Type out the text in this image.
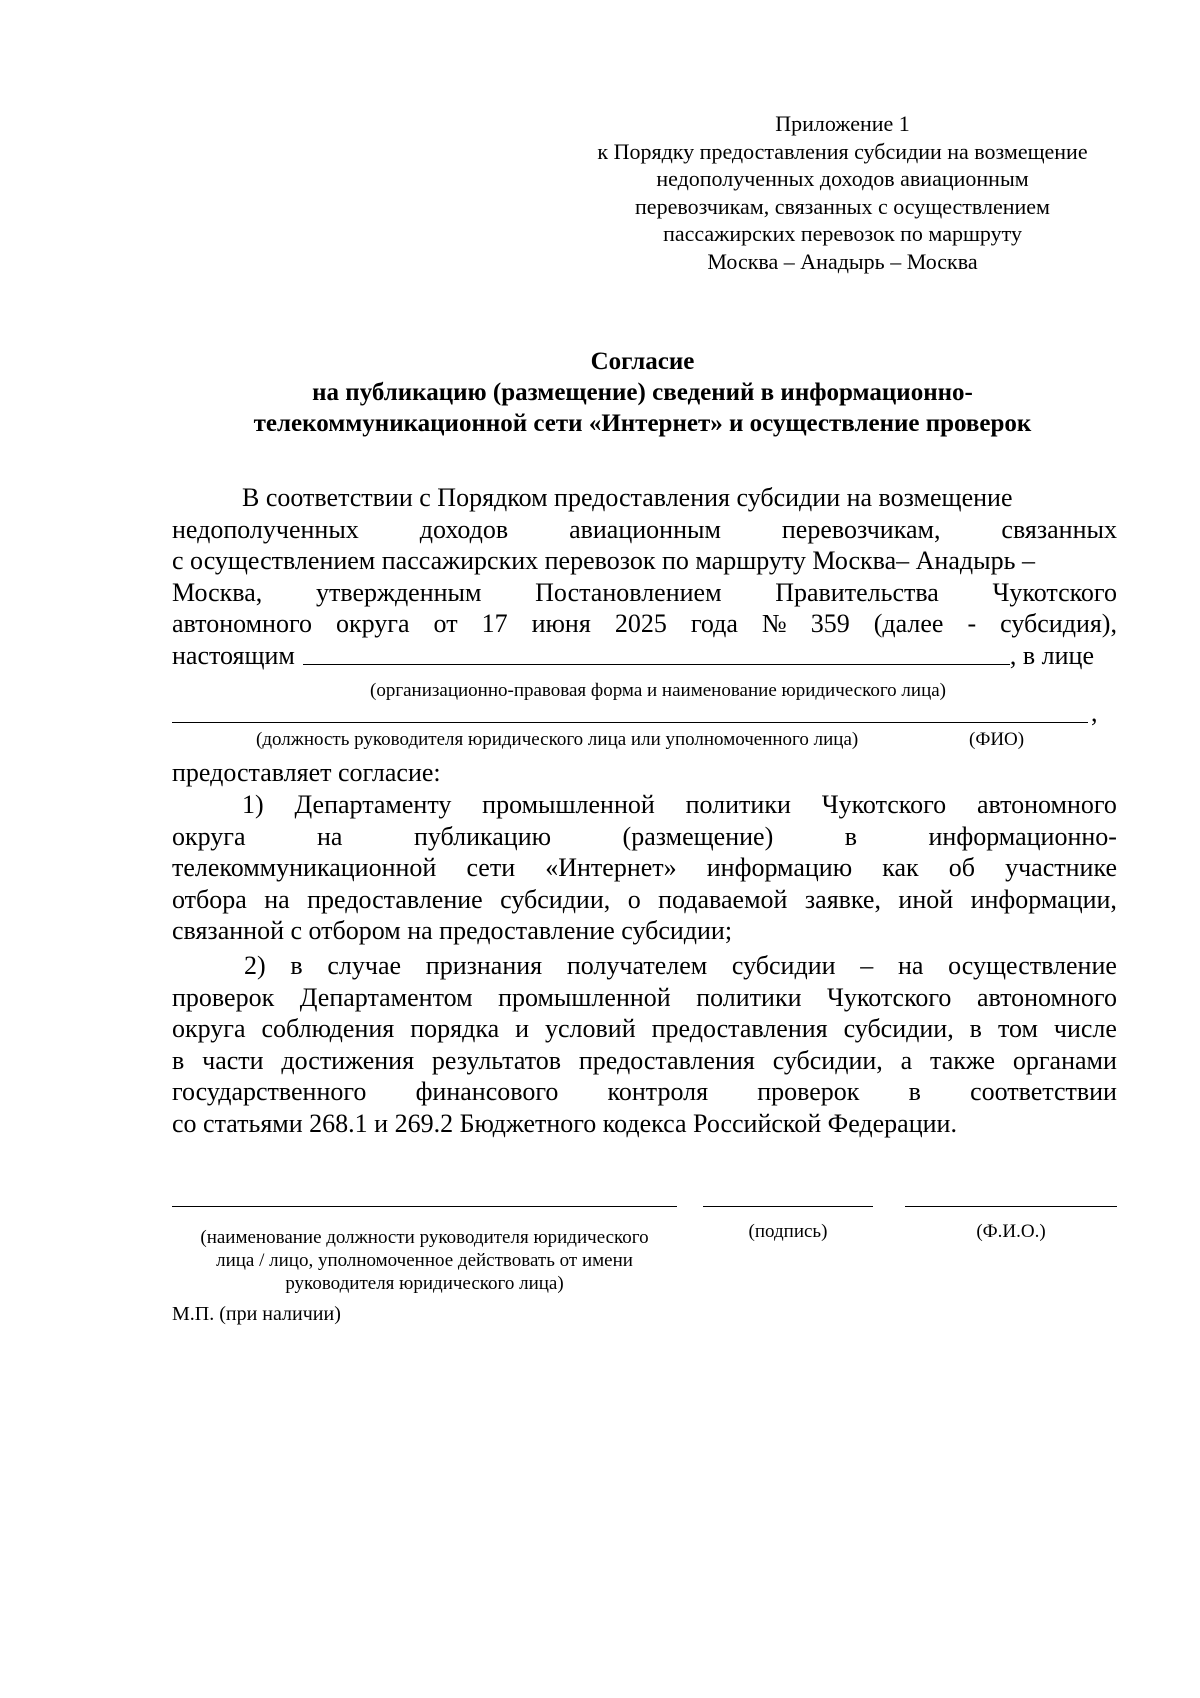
Приложение 1
к Порядку предоставления субсидии на возмещение
недополученных доходов авиационным
перевозчикам, связанных с осуществлением
пассажирских перевозок по маршруту
Москва – Анадырь – Москва
Согласие
на публикацию (размещение) сведений в информационно-
телекоммуникационной сети «Интернет» и осуществление проверок
В соответствии с Порядком предоставления субсидии на возмещение
недополученных доходов авиационным перевозчикам, связанных
с осуществлением пассажирских перевозок по маршруту Москва– Анадырь –
Москва, утвержденным Постановлением Правительства Чукотского
автономного округа от 17 июня 2025 года № 359 (далее - субсидия),
настоящим	, в лице
(организационно-правовая форма и наименование юридического лица)
,
(должность руководителя юридического лица или уполномоченного лица)	(ФИО)
предоставляет согласие:
1) Департаменту промышленной политики Чукотского автономного
округа	на	публикацию	(размещение)	в	информационно-
телекоммуникационной сети «Интернет» информацию как об участнике
отбора на предоставление субсидии, о подаваемой заявке, иной информации,
связанной с отбором на предоставление субсидии;
2) в случае признания получателем субсидии – на осуществление
проверок Департаментом промышленной политики Чукотского автономного
округа соблюдения порядка и условий предоставления субсидии, в том числе
в части достижения результатов предоставления субсидии, а также органами
государственного финансового контроля проверок в соответствии
со статьями 268.1 и 269.2 Бюджетного кодекса Российской Федерации.
(наименование должности руководителя юридического
лица / лицо, уполномоченное действовать от имени
руководителя юридического лица)
(подпись)	(Ф.И.О.)
М.П. (при наличии)
